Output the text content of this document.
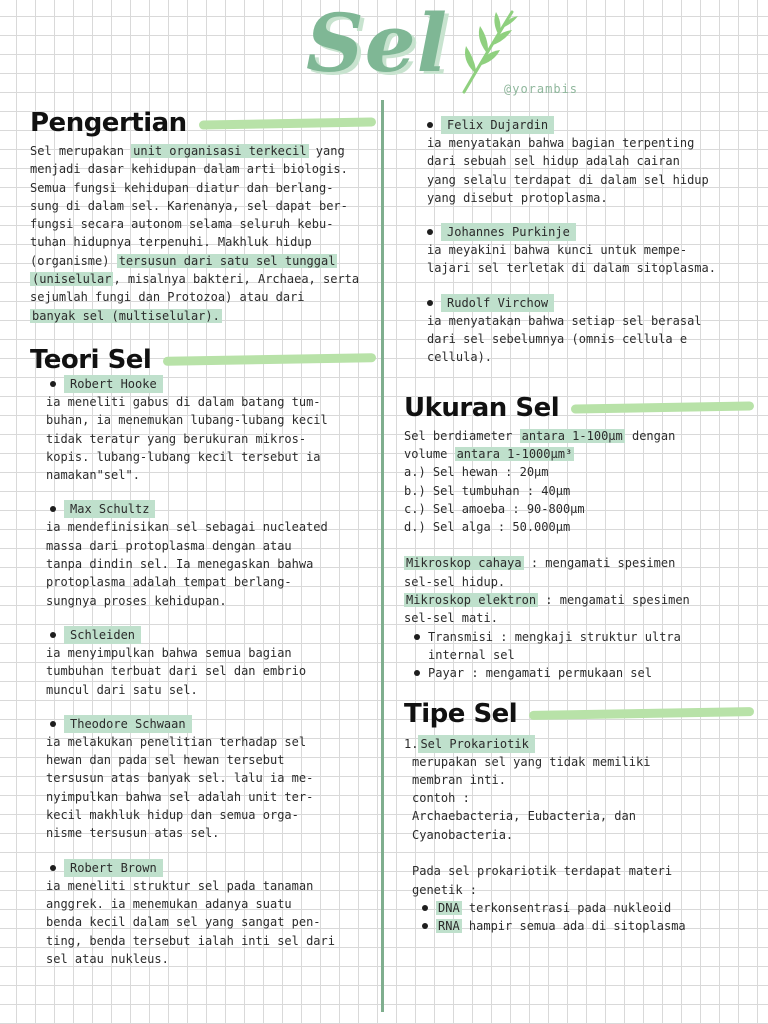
Sel	@yorambis
Pengertian

Sel merupakan unit organisasi terkecil yang
menjadi dasar kehidupan dalam arti biologis.
Semua fungsi kehidupan diatur dan berlang-
sung di dalam sel. Karenanya, sel dapat ber-
fungsi secara autonom selama seluruh kebu-
tuhan hidupnya terpenuhi. Makhluk hidup
(organisme) tersusun dari satu sel tunggal
(uniselular , misalnya bakteri, Archaea, serta
sejumlah fungi dan Protozoa) atau dari
banyak sel (multiselular).

Teori Sel
Robert Hooke
ia meneliti gabus di dalam batang tum-
buhan, ia menemukan lubang-lubang kecil
tidak teratur yang berukuran mikros-
kopis. lubang-lubang kecil tersebut ia
namakan"sel".
Max Schultz
ia mendefinisikan sel sebagai nucleated
massa dari protoplasma dengan atau
tanpa dindin sel. Ia menegaskan bahwa
protoplasma adalah tempat berlang-
sungnya proses kehidupan.
Schleiden
ia menyimpulkan bahwa semua bagian
tumbuhan terbuat dari sel dan embrio
muncul dari satu sel.
Theodore Schwaan
ia melakukan penelitian terhadap sel
hewan dan pada sel hewan tersebut
tersusun atas banyak sel. lalu ia me-
nyimpulkan bahwa sel adalah unit ter-
kecil makhluk hidup dan semua orga-
nisme tersusun atas sel.
Robert Brown
ia meneliti struktur sel pada tanaman
anggrek. ia menemukan adanya suatu
benda kecil dalam sel yang sangat pen-
ting, benda tersebut ialah inti sel dari
sel atau nukleus.
Felix Dujardin
ia menyatakan bahwa bagian terpenting
dari sebuah sel hidup adalah cairan
yang selalu terdapat di dalam sel hidup
yang disebut protoplasma.
Johannes Purkinje
ia meyakini bahwa kunci untuk mempe-
lajari sel terletak di dalam sitoplasma.
Rudolf Virchow
ia menyatakan bahwa setiap sel berasal
dari sel sebelumnya (omnis cellula e
cellula).
Ukuran Sel
Sel berdiameter antara 1-100μm dengan
volume antara 1-1000μm³
a.) Sel hewan : 20μm
b.) Sel tumbuhan : 40μm
c.) Sel amoeba : 90-800μm
d.) Sel alga : 50.000μm
Mikroskop cahaya : mengamati spesimen
sel-sel hidup.
Mikroskop elektron : mengamati spesimen
sel-sel mati.
Transmisi : mengkaji struktur ultra
internal sel
Payar : mengamati permukaan sel
Tipe Sel
1. Sel Prokariotik
merupakan sel yang tidak memiliki
membran inti.
contoh :
Archaebacteria, Eubacteria, dan
Cyanobacteria.

Pada sel prokariotik terdapat materi
genetik :
DNA terkonsentrasi pada nukleoid
RNA hampir semua ada di sitoplasma
